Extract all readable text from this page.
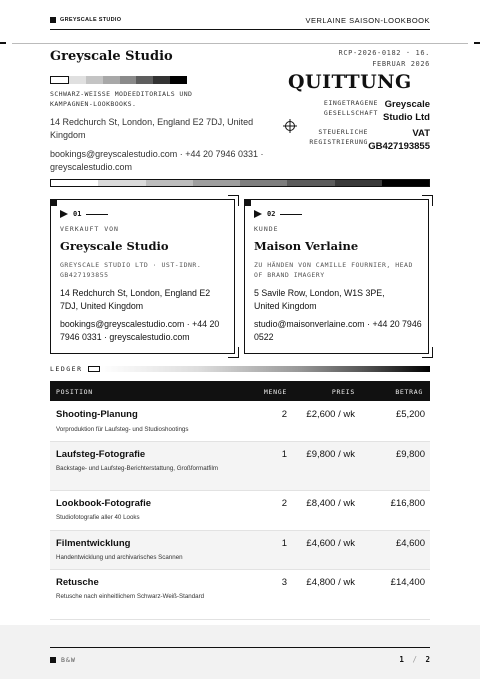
GREYSCALE STUDIO	VERLAINE SAISON-LOOKBOOK
Greyscale Studio
SCHWARZ-WEISSE MODEEDITORIALS UND KAMPAGNEN-LOOKBOOKS.
14 Redchurch St, London, England E2 7DJ, United Kingdom
bookings@greyscalestudio.com · +44 20 7946 0331 · greyscalestudio.com
RCP-2026-0182 · 16. FEBRUAR 2026
QUITTUNG
EINGETRAGENE GESELLSCHAFT
Greyscale Studio Ltd
STEUERLICHE REGISTRIERUNG
VAT GB427193855
01
VERKAUFT VON
Greyscale Studio
GREYSCALE STUDIO LTD · UST-IDNR. GB427193855
14 Redchurch St, London, England E2 7DJ, United Kingdom
bookings@greyscalestudio.com · +44 20 7946 0331 · greyscalestudio.com
02
KUNDE
Maison Verlaine
ZU HÄNDEN VON CAMILLE FOURNIER, HEAD OF BRAND IMAGERY
5 Savile Row, London, W1S 3PE, United Kingdom
studio@maisonverlaine.com · +44 20 7946 0522
LEDGER
POSITION	MENGE	PREIS	BETRAG
Shooting-Planung
Vorproduktion für Laufsteg- und Studioshootings
2 £2,600 / wk	£5,200
Laufsteg-Fotografie
Backstage- und Laufsteg-Berichterstattung, Großformatfilm
1 £9,800 / wk	£9,800
Lookbook-Fotografie
Studiofotografie aller 40 Looks
2 £8,400 / wk	£16,800
Filmentwicklung
Handentwicklung und archivarisches Scannen
1 £4,600 / wk	£4,600
Retusche
Retusche nach einheitlichem Schwarz-Weiß-Standard
3 £4,800 / wk	£14,400
B&W	1 / 2
